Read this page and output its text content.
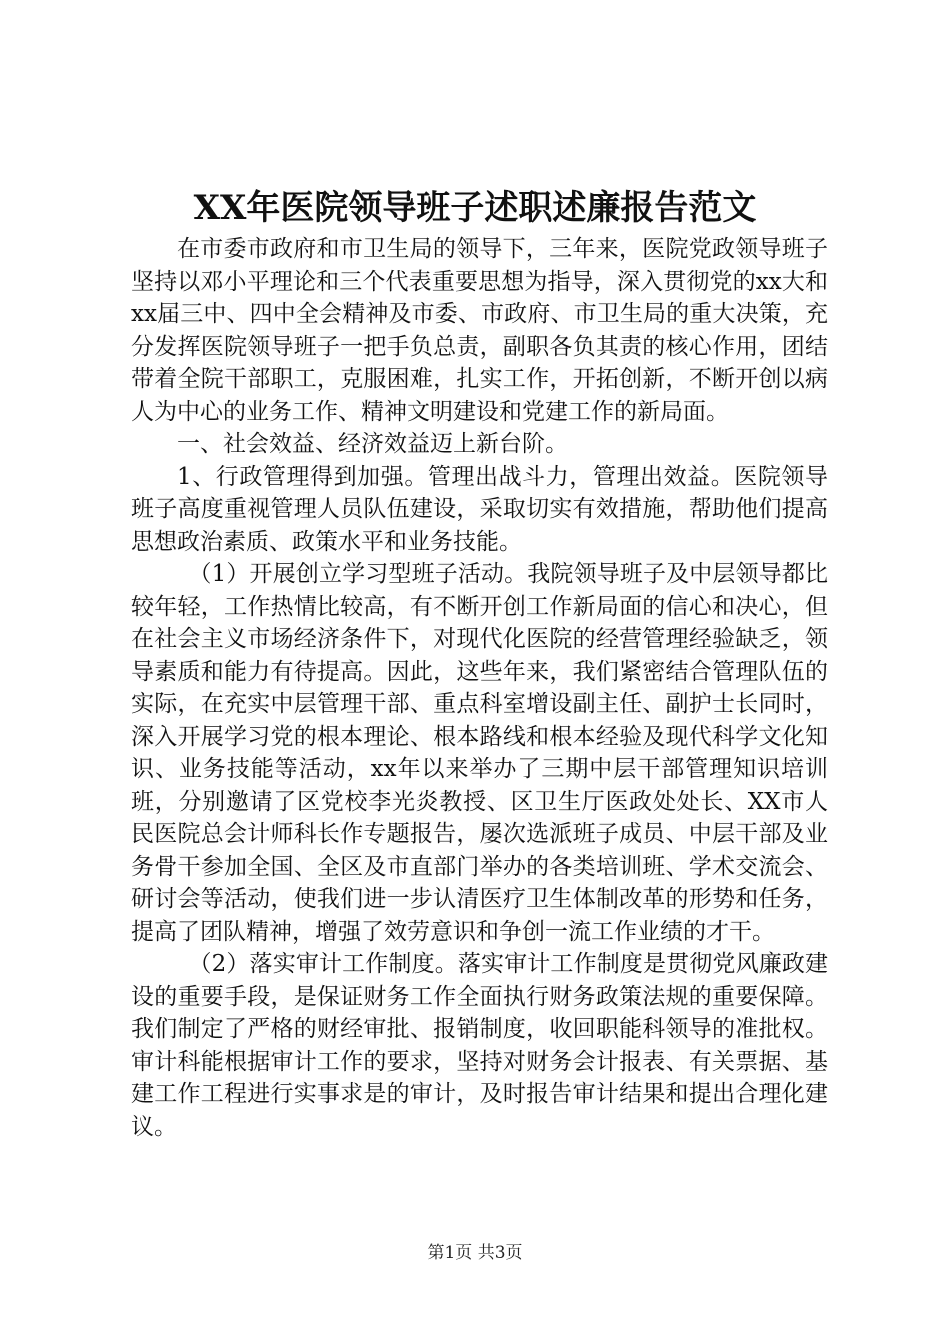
XX年医院领导班子述职述廉报告范文

在市委市政府和市卫生局的领导下，三年来，医院党政领导班子坚持以邓小平理论和三个代表重要思想为指导，深入贯彻党的xx大和xx届三中、四中全会精神及市委、市政府、市卫生局的重大决策，充分发挥医院领导班子一把手负总责，副职各负其责的核心作用，团结带着全院干部职工，克服困难，扎实工作，开拓创新，不断开创以病人为中心的业务工作、精神文明建设和党建工作的新局面。

一、社会效益、经济效益迈上新台阶。

1、行政管理得到加强。管理出战斗力，管理出效益。医院领导班子高度重视管理人员队伍建设，采取切实有效措施，帮助他们提高思想政治素质、政策水平和业务技能。

（1）开展创立学习型班子活动。我院领导班子及中层领导都比较年轻，工作热情比较高，有不断开创工作新局面的信心和决心，但在社会主义市场经济条件下，对现代化医院的经营管理经验缺乏，领导素质和能力有待提高。因此，这些年来，我们紧密结合管理队伍的实际，在充实中层管理干部、重点科室增设副主任、副护士长同时，深入开展学习党的根本理论、根本路线和根本经验及现代科学文化知识、业务技能等活动，xx年以来举办了三期中层干部管理知识培训班，分别邀请了区党校李光炎教授、区卫生厅医政处处长、XX市人民医院总会计师科长作专题报告，屡次选派班子成员、中层干部及业务骨干参加全国、全区及市直部门举办的各类培训班、学术交流会、研讨会等活动，使我们进一步认清医疗卫生体制改革的形势和任务，提高了团队精神，增强了效劳意识和争创一流工作业绩的才干。

（2）落实审计工作制度。落实审计工作制度是贯彻党风廉政建设的重要手段，是保证财务工作全面执行财务政策法规的重要保障。我们制定了严格的财经审批、报销制度，收回职能科领导的准批权。审计科能根据审计工作的要求，坚持对财务会计报表、有关票据、基建工作工程进行实事求是的审计，及时报告审计结果和提出合理化建议。

第1页 共3页
